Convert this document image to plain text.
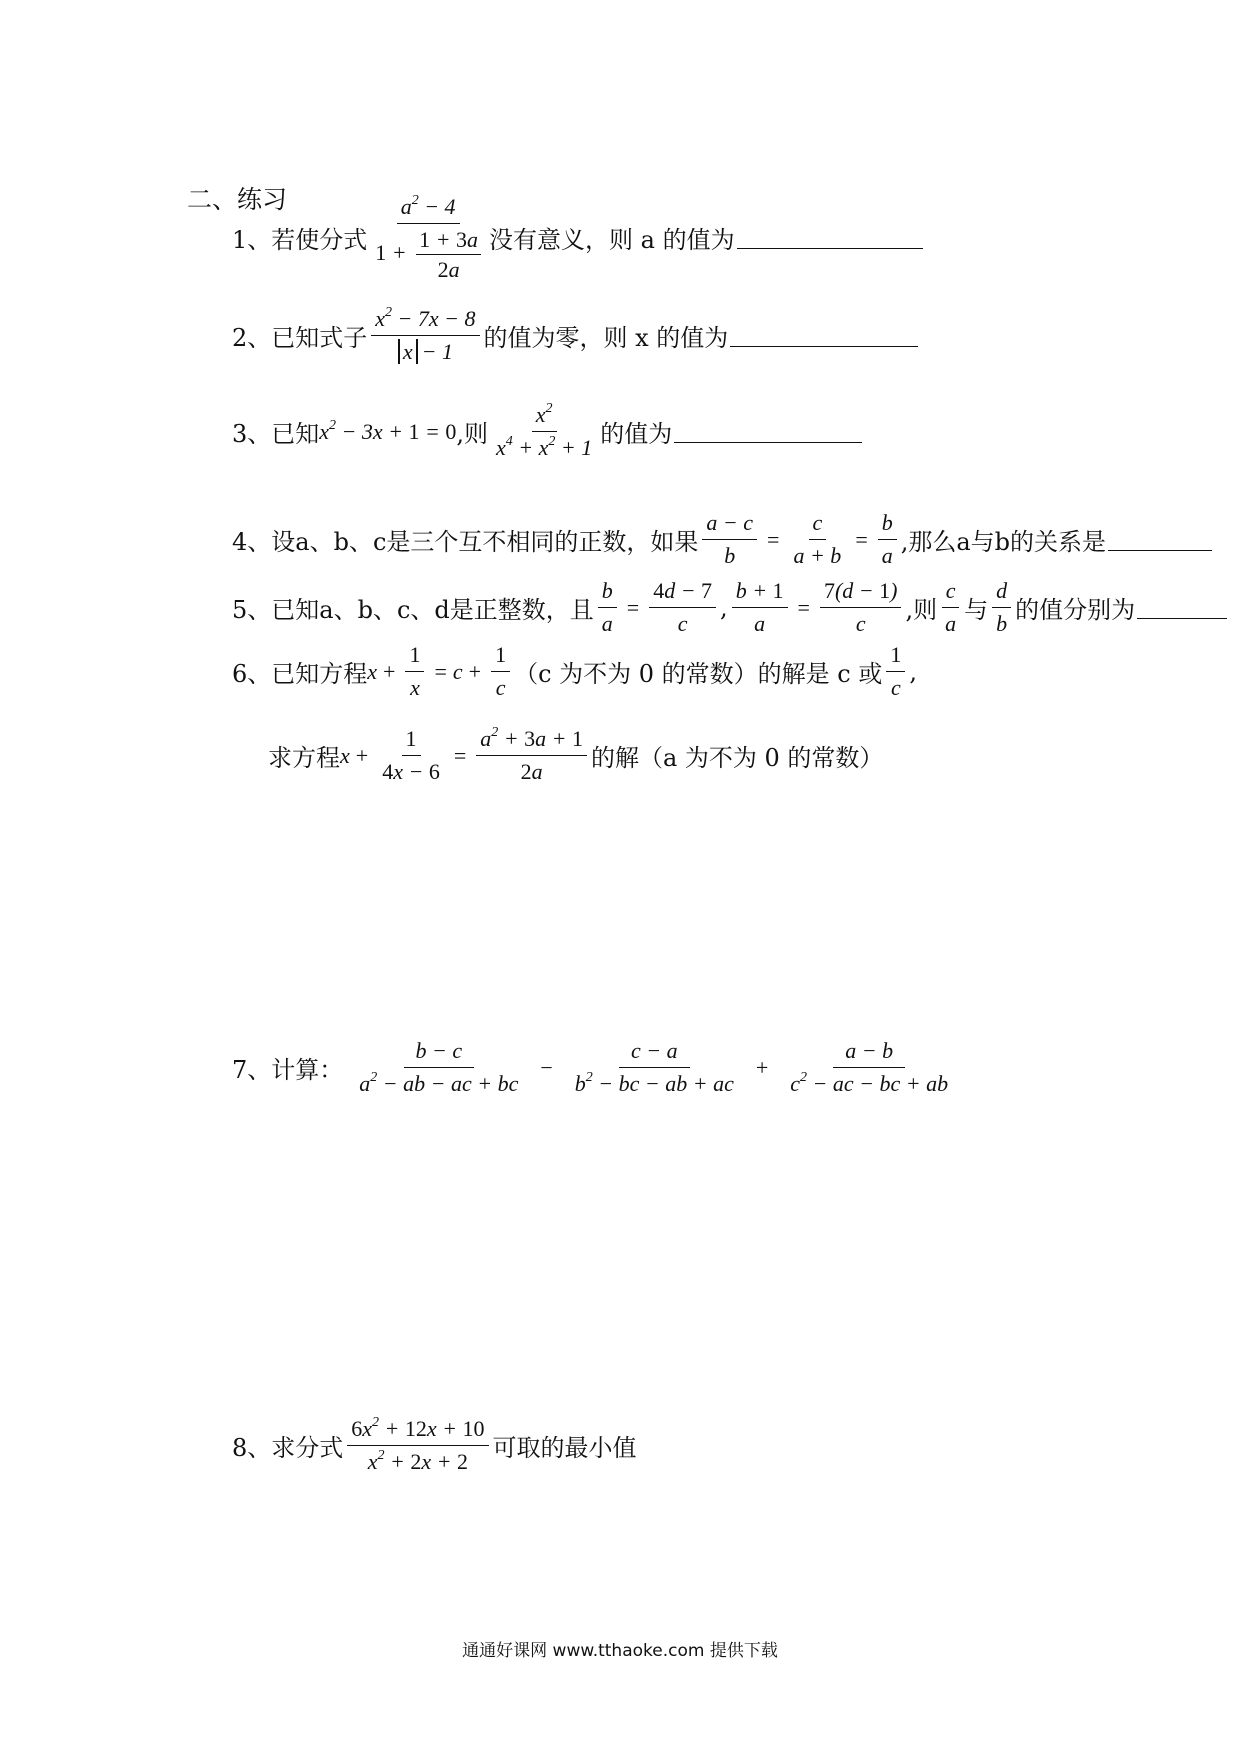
二、练习
1、 若使分式 $\frac{a^2 - 4}{1 + \frac{1 + 3a}{2a}}$ 没有意义，则 a 的值为
2、 已知式子 $\frac{x^2 - 7x - 8}{x - 1}$ 的值为零，则 x 的值为
3、 已知 $x^2 - 3x + 1 = 0$ ,则 $\frac{x^2}{x^4 + x^2 + 1}$ 的值为
4、 设a、b、c是三个互不相同的正数，如果 $\frac{a - c}{b} = \frac{c}{a + b} = \frac{b}{a}$ ,那么a与b的关系是
5、 已知a、b、c、d是正整数，且 $\frac{b}{a} = \frac{4d - 7}{c}$ , $\frac{b + 1}{a} = \frac{7(d - 1)}{c}$ ,则 $\frac{c}{a}$ 与 $\frac{d}{b}$ 的值分别为
6、 已知方程 $x + \frac{1}{x} = c + \frac{1}{c} (c$ 为不为 0 的常数）的解是 c 或 $\frac{1}{c}$ ,
求方程 $x + \frac{1}{4x - 6} = \frac{a^2 + 3a + 1}{2a}$ 的解（a 为不为 0 的常数）
7、 计算： $\frac{b - c}{a^2 - ab - ac + bc} - \frac{c - a}{b^2 - bc - ab + ac} + \frac{a - b}{c^2 - ac - bc + ab}$
8、 求分式 $\frac{6x^2 + 12x + 10}{x^2 + 2x + 2}$ 可取的最小值
通通好课网 www.tthaoke.com 提供下载
